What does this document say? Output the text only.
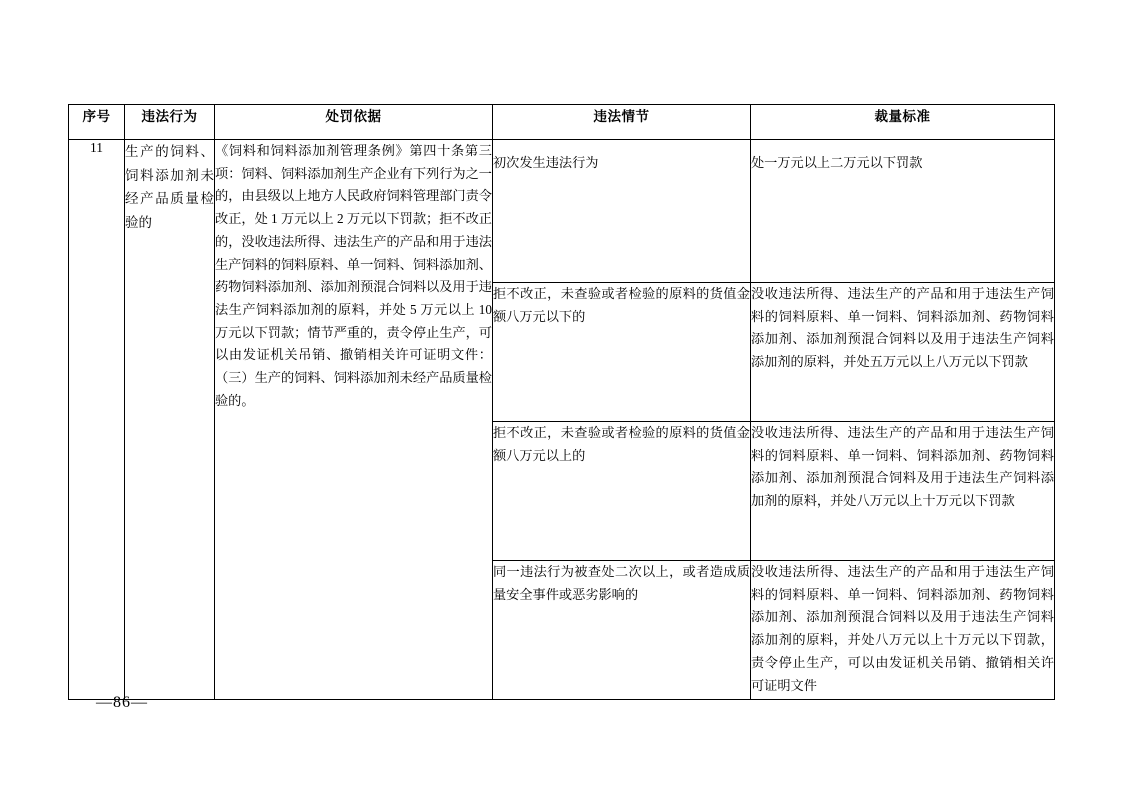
序号	违法行为	处罚依据	违法情节	裁量标准
11	生产的饲料、饲料添加剂未经产品质量检验的	《饲料和饲料添加剂管理条例》第四十条第三项：饲料、饲料添加剂生产企业有下列行为之一的，由县级以上地方人民政府饲料管理部门责令改正，处 1 万元以上 2 万元以下罚款；拒不改正的，没收违法所得、违法生产的产品和用于违法生产饲料的饲料原料、单一饲料、饲料添加剂、药物饲料添加剂、添加剂预混合饲料以及用于违法生产饲料添加剂的原料，并处 5 万元以上 10 万元以下罚款；情节严重的，责令停止生产，可以由发证机关吊销、撤销相关许可证明文件：（三）生产的饲料、饲料添加剂未经产品质量检验的。	初次发生违法行为	处一万元以上二万元以下罚款
			拒不改正，未查验或者检验的原料的货值金额八万元以下的	没收违法所得、违法生产的产品和用于违法生产饲料的饲料原料、单一饲料、饲料添加剂、药物饲料添加剂、添加剂预混合饲料以及用于违法生产饲料添加剂的原料，并处五万元以上八万元以下罚款
			拒不改正，未查验或者检验的原料的货值金额八万元以上的	没收违法所得、违法生产的产品和用于违法生产饲料的饲料原料、单一饲料、饲料添加剂、药物饲料添加剂、添加剂预混合饲料及用于违法生产饲料添加剂的原料，并处八万元以上十万元以下罚款
			同一违法行为被查处二次以上，或者造成质量安全事件或恶劣影响的	没收违法所得、违法生产的产品和用于违法生产饲料的饲料原料、单一饲料、饲料添加剂、药物饲料添加剂、添加剂预混合饲料以及用于违法生产饲料添加剂的原料，并处八万元以上十万元以下罚款，责令停止生产，可以由发证机关吊销、撤销相关许可证明文件
—86—
